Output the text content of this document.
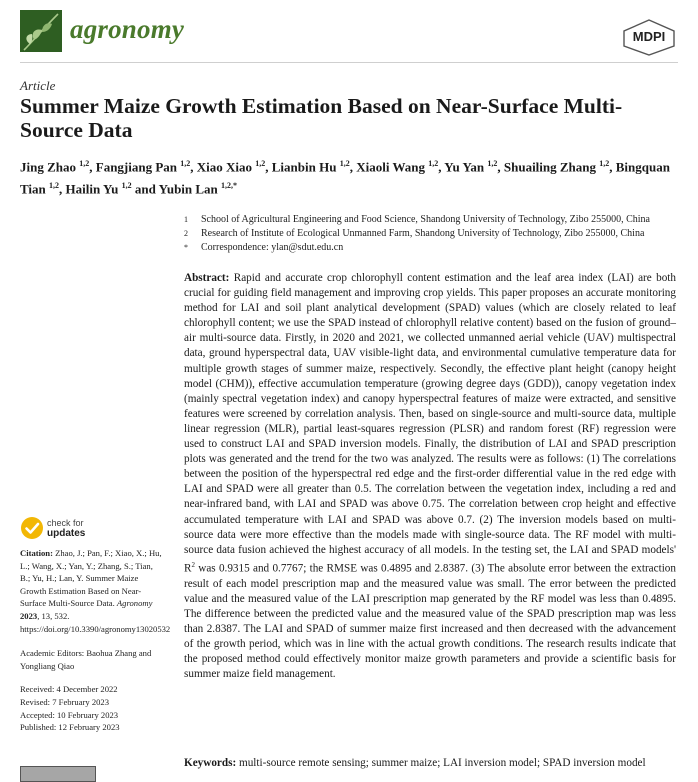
agronomy	MDPI
Article
Summer Maize Growth Estimation Based on Near-Surface Multi-Source Data
Jing Zhao $^{1,2}$, Fangjiang Pan $^{1,2}$, Xiao Xiao $^{1,2}$, Lianbin Hu $^{1,2}$, Xiaoli Wang $^{1,2}$, Yu Yan $^{1,2}$, Shuailing Zhang $^{1,2}$, Bingquan Tian $^{1,2}$, Hailin Yu $^{1,2}$ and Yubin Lan $^{1,2,*}$
1	School of Agricultural Engineering and Food Science, Shandong University of Technology, Zibo 255000, China
2	Research of Institute of Ecological Unmanned Farm, Shandong University of Technology, Zibo 255000, China
*	Correspondence: ylan@sdut.edu.cn
Abstract: Rapid and accurate crop chlorophyll content estimation and the leaf area index (LAI) are both crucial for guiding field management and improving crop yields. This paper proposes an accurate monitoring method for LAI and soil plant analytical development (SPAD) values (which are closely related to leaf chlorophyll content; we use the SPAD instead of chlorophyll relative content) based on the fusion of ground–air multi-source data. Firstly, in 2020 and 2021, we collected unmanned aerial vehicle (UAV) multispectral data, ground hyperspectral data, UAV visible-light data, and environmental cumulative temperature data for multiple growth stages of summer maize, respectively. Secondly, the effective plant height (canopy height model (CHM)), effective accumulation temperature (growing degree days (GDD)), canopy vegetation index (mainly spectral vegetation index) and canopy hyperspectral features of maize were extracted, and sensitive features were screened by correlation analysis. Then, based on single-source and multi-source data, multiple linear regression (MLR), partial least-squares regression (PLSR) and random forest (RF) regression were used to construct LAI and SPAD inversion models. Finally, the distribution of LAI and SPAD prescription plots was generated and the trend for the two was analyzed. The results were as follows: (1) The correlations between the position of the hyperspectral red edge and the first-order differential value in the red edge with LAI and SPAD were all greater than 0.5. The correlation between the vegetation index, including a red and near-infrared band, with LAI and SPAD was above 0.75. The correlation between crop height and effective accumulated temperature with LAI and SPAD was above 0.7. (2) The inversion models based on multi-source data were more effective than the models made with single-source data. The RF model with multi-source data fusion achieved the highest accuracy of all models. In the testing set, the LAI and SPAD models' $R^2$ was 0.9315 and 0.7767; the RMSE was 0.4895 and 2.8387. (3) The absolute error between the extraction result of each model prescription map and the measured value was small. The error between the predicted value and the measured value of the LAI prescription map generated by the RF model was less than 0.4895. The difference between the predicted value and the measured value of the SPAD prescription map was less than 2.8387. The LAI and SPAD of summer maize first increased and then decreased with the advancement of the growth period, which was in line with the actual growth conditions. The research results indicate that the proposed method could effectively monitor maize growth parameters and provide a scientific basis for summer maize field management.
Keywords: multi-source remote sensing; summer maize; LAI inversion model; SPAD inversion model
check for
updates

Citation: Zhao, J.; Pan, F.; Xiao, X.; Hu, L.; Wang, X.; Yan, Y.; Zhang, S.; Tian, B.; Yu, H.; Lan, Y. Summer Maize Growth Estimation Based on Near-Surface Multi-Source Data. Agronomy 2023, 13, 532. https://doi.org/10.3390/agronomy13020532

Academic Editors: Baohua Zhang and Yongliang Qiao

Received: 4 December 2022

Revised: 7 February 2023

Accepted: 10 February 2023

Published: 12 February 2023
